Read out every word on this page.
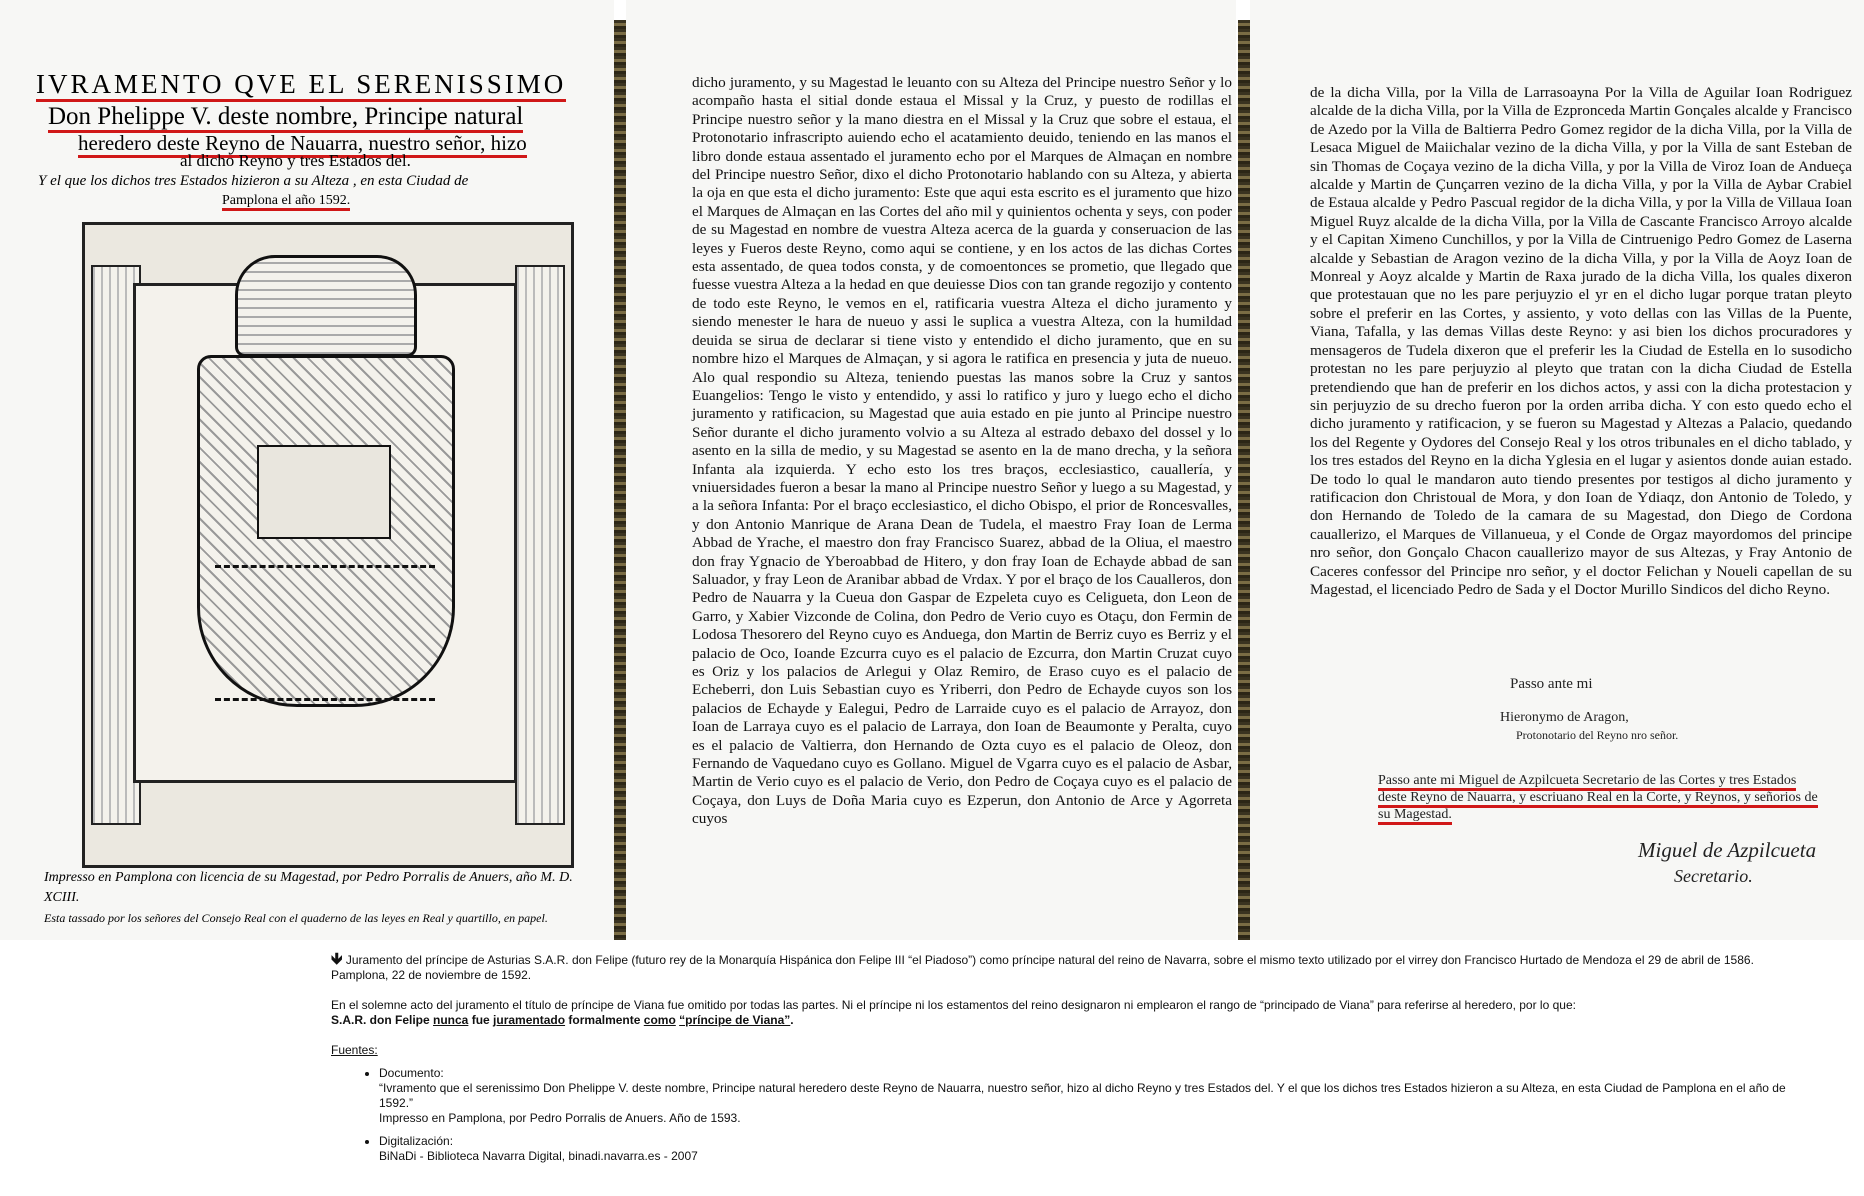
IVRAMENTO QVE EL SERENISSIMO
Don Phelippe V. deste nombre, Principe natural
heredero deste Reyno de Nauarra, nuestro señor, hizo
al dicho Reyno y tres Estados del.
Y el que los dichos tres Estados hizieron a su Alteza , en esta Ciudad de
Pamplona el año 1592.
Impresso en Pamplona con licencia de su Magestad, por Pedro Porralis de Anuers, año M. D. XCIII.
Esta tassado por los señores del Consejo Real con el quaderno de las leyes en Real y quartillo, en papel.
dicho juramento, y su Magestad le leuanto con su Alteza del Principe nuestro Señor y lo acompaño hasta el sitial donde estaua el Missal y la Cruz, y puesto de rodillas el Principe nuestro señor y la mano diestra en el Missal y la Cruz que sobre el estaua, el Protonotario infrascripto auiendo echo el acatamiento deuido, teniendo en las manos el libro donde estaua assentado el juramento echo por el Marques de Almaçan en nombre del Principe nuestro Señor, dixo el dicho Protonotario hablando con su Alteza, y abierta la oja en que esta el dicho juramento: Este que aqui esta escrito es el juramento que hizo el Marques de Almaçan en las Cortes del año mil y quinientos ochenta y seys, con poder de su Magestad en nombre de vuestra Alteza acerca de la guarda y conseruacion de las leyes y Fueros deste Reyno, como aqui se contiene, y en los actos de las dichas Cortes esta assentado, de quea todos consta, y de comoentonces se prometio, que llegado que fuesse vuestra Alteza a la hedad en que deuiesse Dios con tan grande regozijo y contento de todo este Reyno, le vemos en el, ratificaria vuestra Alteza el dicho juramento y siendo menester le hara de nueuo y assi le suplica a vuestra Alteza, con la humildad deuida se sirua de declarar si tiene visto y entendido el dicho juramento, que en su nombre hizo el Marques de Almaçan, y si agora le ratifica en presencia y juta de nueuo. Alo qual respondio su Alteza, teniendo puestas las manos sobre la Cruz y santos Euangelios: Tengo le visto y entendido, y assi lo ratifico y juro y luego echo el dicho juramento y ratificacion, su Magestad que auia estado en pie junto al Principe nuestro Señor durante el dicho juramento volvio a su Alteza al estrado debaxo del dossel y lo asento en la silla de medio, y su Magestad se asento en la de mano drecha, y la señora Infanta ala izquierda. Y echo esto los tres braços, ecclesiastico, cauallería, y vniuersidades fueron a besar la mano al Principe nuestro Señor y luego a su Magestad, y a la señora Infanta: Por el braço ecclesiastico, el dicho Obispo, el prior de Roncesvalles, y don Antonio Manrique de Arana Dean de Tudela, el maestro Fray Ioan de Lerma Abbad de Yrache, el maestro don fray Francisco Suarez, abbad de la Oliua, el maestro don fray Ygnacio de Yberoabbad de Hitero, y don fray Ioan de Echayde abbad de san Saluador, y fray Leon de Aranibar abbad de Vrdax. Y por el braço de los Caualleros, don Pedro de Nauarra y la Cueua don Gaspar de Ezpeleta cuyo es Celigueta, don Leon de Garro, y Xabier Vizconde de Colina, don Pedro de Verio cuyo es Otaçu, don Fermin de Lodosa Thesorero del Reyno cuyo es Anduega, don Martin de Berriz cuyo es Berriz y el palacio de Oco, Ioande Ezcurra cuyo es el palacio de Ezcurra, don Martin Cruzat cuyo es Oriz y los palacios de Arlegui y Olaz Remiro, de Eraso cuyo es el palacio de Echeberri, don Luis Sebastian cuyo es Yriberri, don Pedro de Echayde cuyos son los palacios de Echayde y Ealegui, Pedro de Larraide cuyo es el palacio de Arrayoz, don Ioan de Larraya cuyo es el palacio de Larraya, don Ioan de Beaumonte y Peralta, cuyo es el palacio de Valtierra, don Hernando de Ozta cuyo es el palacio de Oleoz, don Fernando de Vaquedano cuyo es Gollano. Miguel de Vgarra cuyo es el palacio de Asbar, Martin de Verio cuyo es el palacio de Verio, don Pedro de Coçaya cuyo es el palacio de Coçaya, don Luys de Doña Maria cuyo es Ezperun, don Antonio de Arce y Agorreta cuyos
de la dicha Villa, por la Villa de Larrasoayna Por la Villa de Aguilar Ioan Rodriguez alcalde de la dicha Villa, por la Villa de Ezpronceda Martin Gonçales alcalde y Francisco de Azedo por la Villa de Baltierra Pedro Gomez regidor de la dicha Villa, por la Villa de Lesaca Miguel de Maiichalar vezino de la dicha Villa, y por la Villa de sant Esteban de sin Thomas de Coçaya vezino de la dicha Villa, y por la Villa de Viroz Ioan de Andueça alcalde y Martin de Çunçarren vezino de la dicha Villa, y por la Villa de Aybar Crabiel de Estaua alcalde y Pedro Pascual regidor de la dicha Villa, y por la Villa de Villaua Ioan Miguel Ruyz alcalde de la dicha Villa, por la Villa de Cascante Francisco Arroyo alcalde y el Capitan Ximeno Cunchillos, y por la Villa de Cintruenigo Pedro Gomez de Laserna alcalde y Sebastian de Aragon vezino de la dicha Villa, y por la Villa de Aoyz Ioan de Monreal y Aoyz alcalde y Martin de Raxa jurado de la dicha Villa, los quales dixeron que protestauan que no les pare perjuyzio el yr en el dicho lugar porque tratan pleyto sobre el preferir en las Cortes, y assiento, y voto dellas con las Villas de la Puente, Viana, Tafalla, y las demas Villas deste Reyno: y asi bien los dichos procuradores y mensageros de Tudela dixeron que el preferir les la Ciudad de Estella en lo susodicho protestan no les pare perjuyzio al pleyto que tratan con la dicha Ciudad de Estella pretendiendo que han de preferir en los dichos actos, y assi con la dicha protestacion y sin perjuyzio de su drecho fueron por la orden arriba dicha. Y con esto quedo echo el dicho juramento y ratificacion, y se fueron su Magestad y Altezas a Palacio, quedando los del Regente y Oydores del Consejo Real y los otros tribunales en el dicho tablado, y los tres estados del Reyno en la dicha Yglesia en el lugar y asientos donde auian estado. De todo lo qual le mandaron auto tiendo presentes por testigos al dicho juramento y ratificacion don Christoual de Mora, y don Ioan de Ydiaqz, don Antonio de Toledo, y don Hernando de Toledo de la camara de su Magestad, don Diego de Cordona cauallerizo, el Marques de Villanueua, y el Conde de Orgaz mayordomos del principe nro señor, don Gonçalo Chacon cauallerizo mayor de sus Altezas, y Fray Antonio de Caceres confessor del Principe nro señor, y el doctor Felichan y Noueli capellan de su Magestad, el licenciado Pedro de Sada y el Doctor Murillo Sindicos del dicho Reyno.
Passo ante mi
Hieronymo de Aragon,
Protonotario del Reyno nro señor.
Passo ante mi Miguel de Azpilcueta Secretario de las Cortes y tres Estados deste Reyno de Nauarra, y escriuano Real en la Corte, y Reynos, y señorios de su Magestad.
Miguel de Azpilcueta
Secretario.

🡻 Juramento del príncipe de Asturias S.A.R. don Felipe (futuro rey de la Monarquía Hispánica don Felipe III “el Piadoso”) como príncipe natural del reino de Navarra, sobre el mismo texto utilizado por el virrey don Francisco Hurtado de Mendoza el 29 de abril de 1586.
Pamplona, 22 de noviembre de 1592.

En el solemne acto del juramento el título de príncipe de Viana fue omitido por todas las partes. Ni el príncipe ni los estamentos del reino designaron ni emplearon el rango de “principado de Viana” para referirse al heredero, por lo que:
S.A.R. don Felipe nunca fue juramentado formalmente como “príncipe de Viana”.

Fuentes:

• Documento:
“Ivramento que el serenissimo Don Phelippe V. deste nombre, Principe natural heredero deste Reyno de Nauarra, nuestro señor, hizo al dicho Reyno y tres Estados del. Y el que los dichos tres Estados hizieron a su Alteza, en esta Ciudad de Pamplona en el año de 1592.”
Impresso en Pamplona, por Pedro Porralis de Anuers. Año de 1593.
• Digitalización:
BiNaDi - Biblioteca Navarra Digital, binadi.navarra.es - 2007
